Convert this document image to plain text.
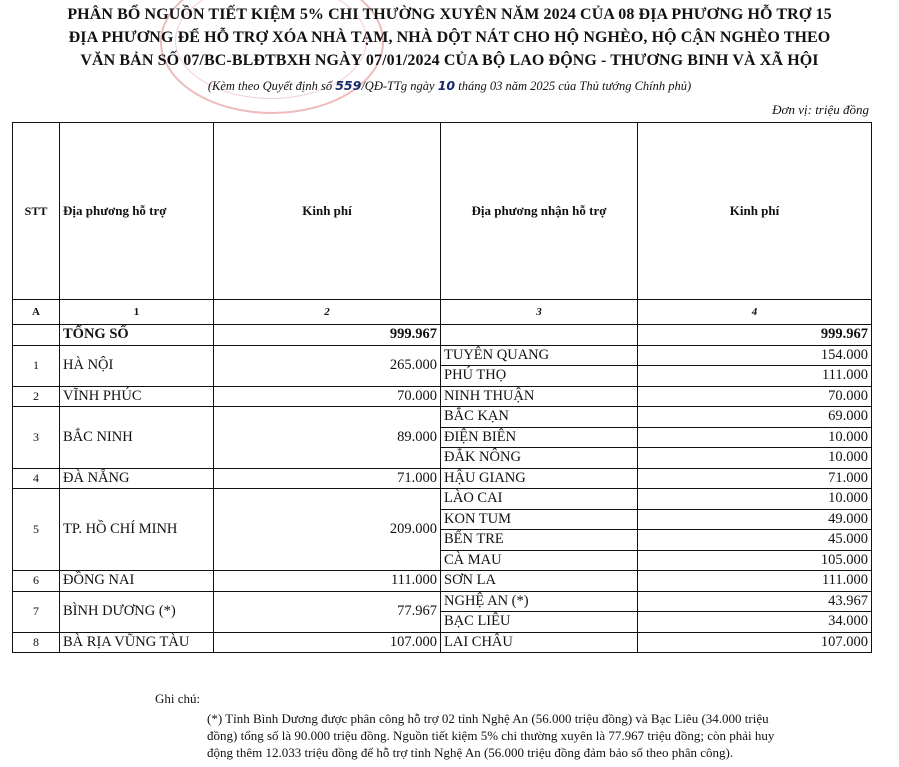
PHÂN BỔ NGUỒN TIẾT KIỆM 5% CHI THƯỜNG XUYÊN NĂM 2024 CỦA 08 ĐỊA PHƯƠNG HỖ TRỢ 15
ĐỊA PHƯƠNG ĐỂ HỖ TRỢ XÓA NHÀ TẠM, NHÀ DỘT NÁT CHO HỘ NGHÈO, HỘ CẬN NGHÈO THEO
VĂN BẢN SỐ 07/BC-BLĐTBXH NGÀY 07/01/2024 CỦA BỘ LAO ĐỘNG - THƯƠNG BINH VÀ XÃ HỘI
(Kèm theo Quyết định số 559/QĐ-TTg ngày 10 tháng 03 năm 2025 của Thủ tướng Chính phủ)
Đơn vị: triệu đồng
STT	Địa phương hỗ trợ	Kinh phí	Địa phương nhận hỗ trợ	Kinh phí
A	1	2	3	4
	TỔNG SỐ	999.967		999.967
1	HÀ NỘI	265.000	TUYÊN QUANG	154.000
			PHÚ THỌ	111.000
2	VĨNH PHÚC	70.000	NINH THUẬN	70.000
3	BẮC NINH	89.000	BẮC KẠN	69.000
			ĐIỆN BIÊN	10.000
			ĐẮK NÔNG	10.000
4	ĐÀ NẴNG	71.000	HẬU GIANG	71.000
5	TP. HỒ CHÍ MINH	209.000	LÀO CAI	10.000
			KON TUM	49.000
			BẾN TRE	45.000
			CÀ MAU	105.000
6	ĐỒNG NAI	111.000	SƠN LA	111.000
7	BÌNH DƯƠNG (*)	77.967	NGHỆ AN (*)	43.967
			BẠC LIÊU	34.000
8	BÀ RỊA VŨNG TÀU	107.000	LAI CHÂU	107.000
Ghi chú:
(*) Tỉnh Bình Dương được phân công hỗ trợ 02 tỉnh Nghệ An (56.000 triệu đồng) và Bạc Liêu (34.000 triệu
đồng) tổng số là 90.000 triệu đồng. Nguồn tiết kiệm 5% chi thường xuyên là 77.967 triệu đồng; còn phải huy
động thêm 12.033 triệu đồng để hỗ trợ tỉnh Nghệ An (56.000 triệu đồng đảm bảo số theo phân công).
